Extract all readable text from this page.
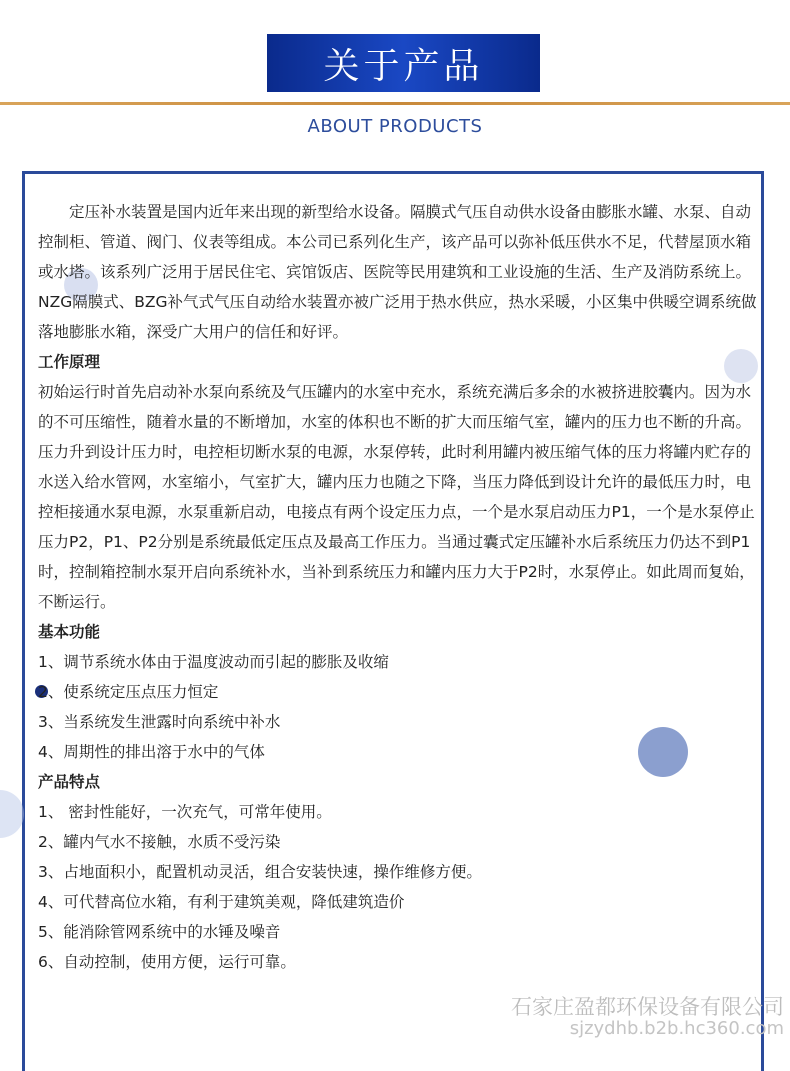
关于产品
ABOUT PRODUCTS

定压补水装置是国内近年来出现的新型给水设备。隔膜式气压自动供水设备由膨胀水罐、水泵、自动控制柜、管道、阀门、仪表等组成。本公司已系列化生产，该产品可以弥补低压供水不足，代替屋顶水箱或水塔。该系列广泛用于居民住宅、宾馆饭店、医院等民用建筑和工业设施的生活、生产及消防系统上。NZG隔膜式、BZG补气式气压自动给水装置亦被广泛用于热水供应，热水采暖，小区集中供暖空调系统做落地膨胀水箱，深受广大用户的信任和好评。

工作原理

初始运行时首先启动补水泵向系统及气压罐内的水室中充水，系统充满后多余的水被挤进胶囊内。因为水的不可压缩性，随着水量的不断增加，水室的体积也不断的扩大而压缩气室，罐内的压力也不断的升高。压力升到设计压力时，电控柜切断水泵的电源，水泵停转，此时利用罐内被压缩气体的压力将罐内贮存的水送入给水管网，水室缩小，气室扩大，罐内压力也随之下降，当压力降低到设计允许的最低压力时，电控柜接通水泵电源，水泵重新启动，电接点有两个设定压力点，一个是水泵启动压力P1，一个是水泵停止压力P2，P1、P2分别是系统最低定压点及最高工作压力。当通过囊式定压罐补水后系统压力仍达不到P1时，控制箱控制水泵开启向系统补水，当补到系统压力和罐内压力大于P2时，水泵停止。如此周而复始，不断运行。

基本功能

1、调节系统水体由于温度波动而引起的膨胀及收缩

2、使系统定压点压力恒定

3、当系统发生泄露时向系统中补水

4、周期性的排出溶于水中的气体

产品特点

1、 密封性能好，一次充气，可常年使用。

2、罐内气水不接触，水质不受污染

3、占地面积小，配置机动灵活，组合安装快速，操作维修方便。

4、可代替高位水箱，有利于建筑美观，降低建筑造价

5、能消除管网系统中的水锤及噪音

6、自动控制，使用方便，运行可靠。

石家庄盈都环保设备有限公司
sjzydhb.b2b.hc360.com
